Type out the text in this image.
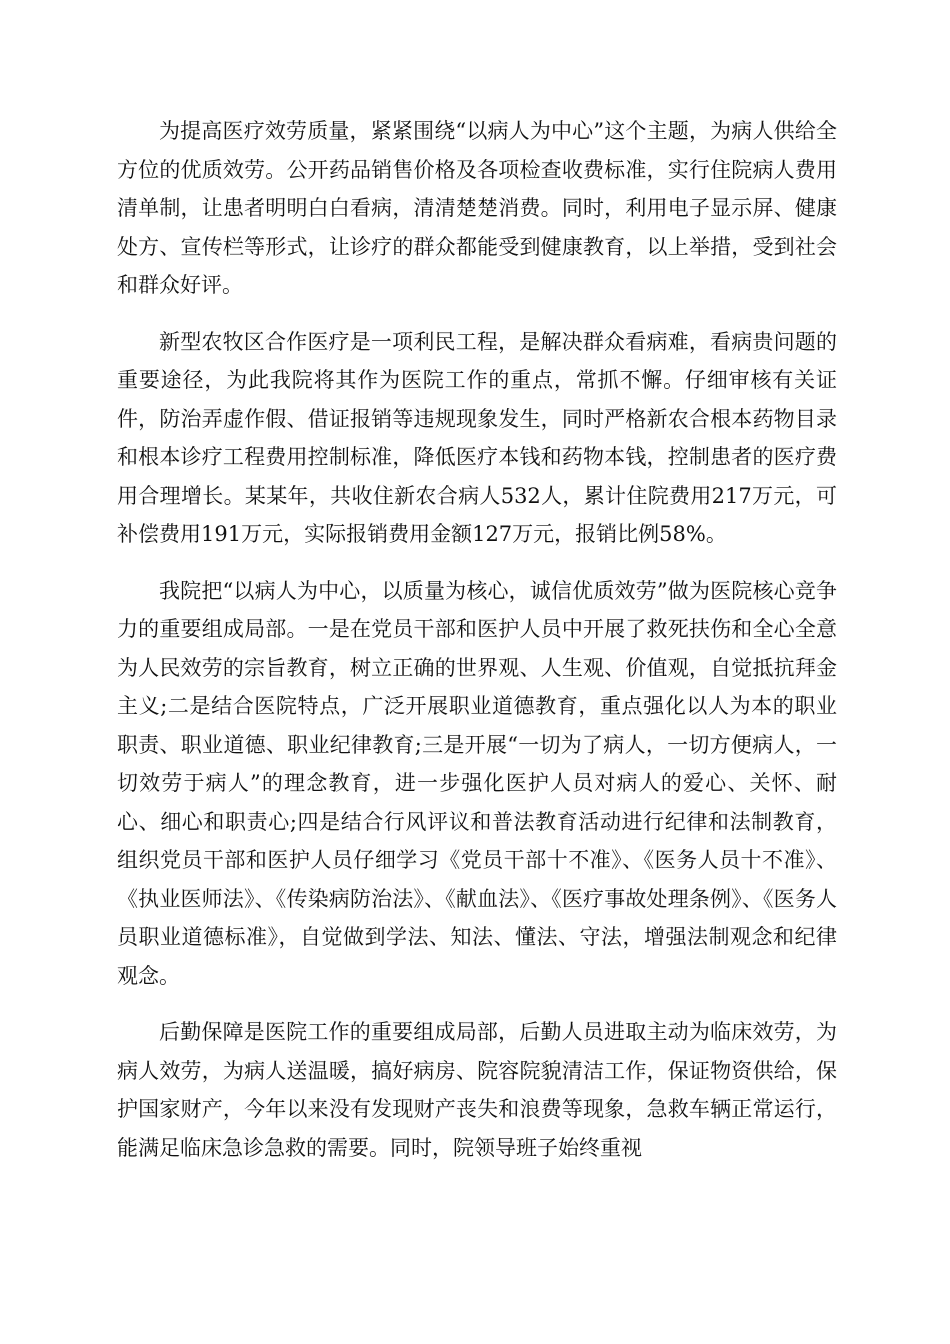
为提高医疗效劳质量，紧紧围绕“以病人为中心”这个主题，为病人供给全方位的优质效劳。公开药品销售价格及各项检查收费标准，实行住院病人费用清单制，让患者明明白白看病，清清楚楚消费。同时，利用电子显示屏、健康处方、宣传栏等形式，让诊疗的群众都能受到健康教育，以上举措，受到社会和群众好评。

新型农牧区合作医疗是一项利民工程，是解决群众看病难，看病贵问题的重要途径，为此我院将其作为医院工作的重点，常抓不懈。仔细审核有关证件，防治弄虚作假、借证报销等违规现象发生，同时严格新农合根本药物目录和根本诊疗工程费用控制标准，降低医疗本钱和药物本钱，控制患者的医疗费用合理增长。某某年，共收住新农合病人532人，累计住院费用217万元，可补偿费用191万元，实际报销费用金额127万元，报销比例58%。

我院把“以病人为中心，以质量为核心，诚信优质效劳”做为医院核心竞争力的重要组成局部。一是在党员干部和医护人员中开展了救死扶伤和全心全意为人民效劳的宗旨教育，树立正确的世界观、人生观、价值观，自觉抵抗拜金主义;二是结合医院特点，广泛开展职业道德教育，重点强化以人为本的职业职责、职业道德、职业纪律教育;三是开展“一切为了病人，一切方便病人，一切效劳于病人”的理念教育，进一步强化医护人员对病人的爱心、关怀、耐心、细心和职责心;四是结合行风评议和普法教育活动进行纪律和法制教育，组织党员干部和医护人员仔细学习《党员干部十不准》、《医务人员十不准》、《执业医师法》、《传染病防治法》、《献血法》、《医疗事故处理条例》、《医务人员职业道德标准》，自觉做到学法、知法、懂法、守法，增强法制观念和纪律观念。

后勤保障是医院工作的重要组成局部，后勤人员进取主动为临床效劳，为病人效劳，为病人送温暖，搞好病房、院容院貌清洁工作，保证物资供给，保护国家财产，今年以来没有发现财产丧失和浪费等现象，急救车辆正常运行，能满足临床急诊急救的需要。同时，院领导班子始终重视
